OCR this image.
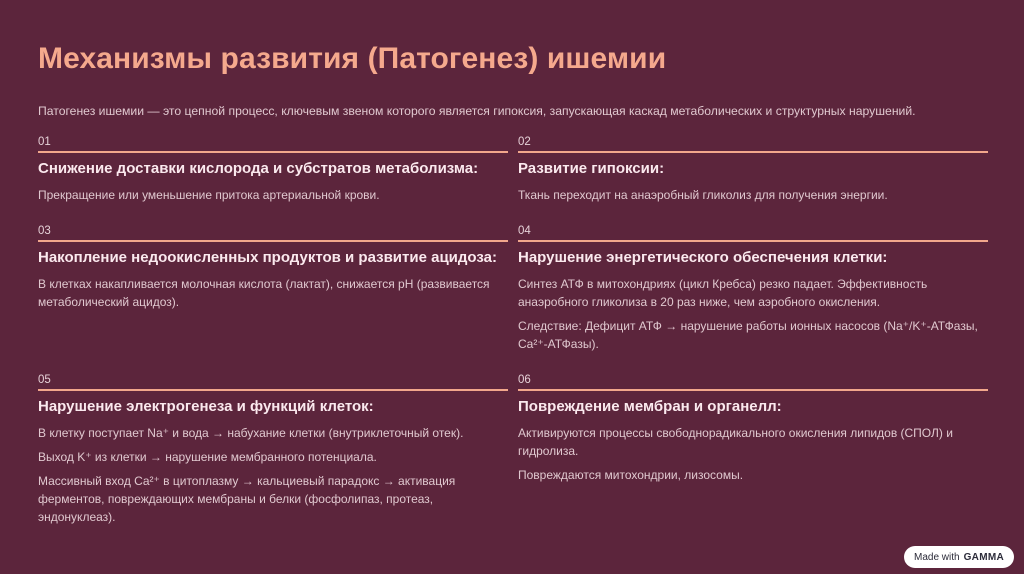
Механизмы развития (Патогенез) ишемии

Патогенез ишемии — это цепной процесс, ключевым звеном которого является гипоксия, запускающая каскад метаболических и структурных нарушений.

01
Снижение доставки кислорода и субстратов метаболизма:
Прекращение или уменьшение притока артериальной крови.
02
Развитие гипоксии:
Ткань переходит на анаэробный гликолиз для получения энергии.
03
Накопление недоокисленных продуктов и развитие ацидоза:
В клетках накапливается молочная кислота (лактат), снижается pH (развивается метаболический ацидоз).
04
Нарушение энергетического обеспечения клетки:
Синтез АТФ в митохондриях (цикл Кребса) резко падает. Эффективность анаэробного гликолиза в 20 раз ниже, чем аэробного окисления.
Следствие: Дефицит АТФ → нарушение работы ионных насосов (Na⁺/K⁺-АТФазы, Ca²⁺-АТФазы).
05
Нарушение электрогенеза и функций клеток:
В клетку поступает Na⁺ и вода → набухание клетки (внутриклеточный отек).
Выход K⁺ из клетки → нарушение мембранного потенциала.
Массивный вход Ca²⁺ в цитоплазму → кальциевый парадокс → активация ферментов, повреждающих мембраны и белки (фосфолипаз, протеаз, эндонуклеаз).
06
Повреждение мембран и органелл:
Активируются процессы свободнорадикального окисления липидов (СПОЛ) и гидролиза.
Повреждаются митохондрии, лизосомы.
Made with GAMMA
